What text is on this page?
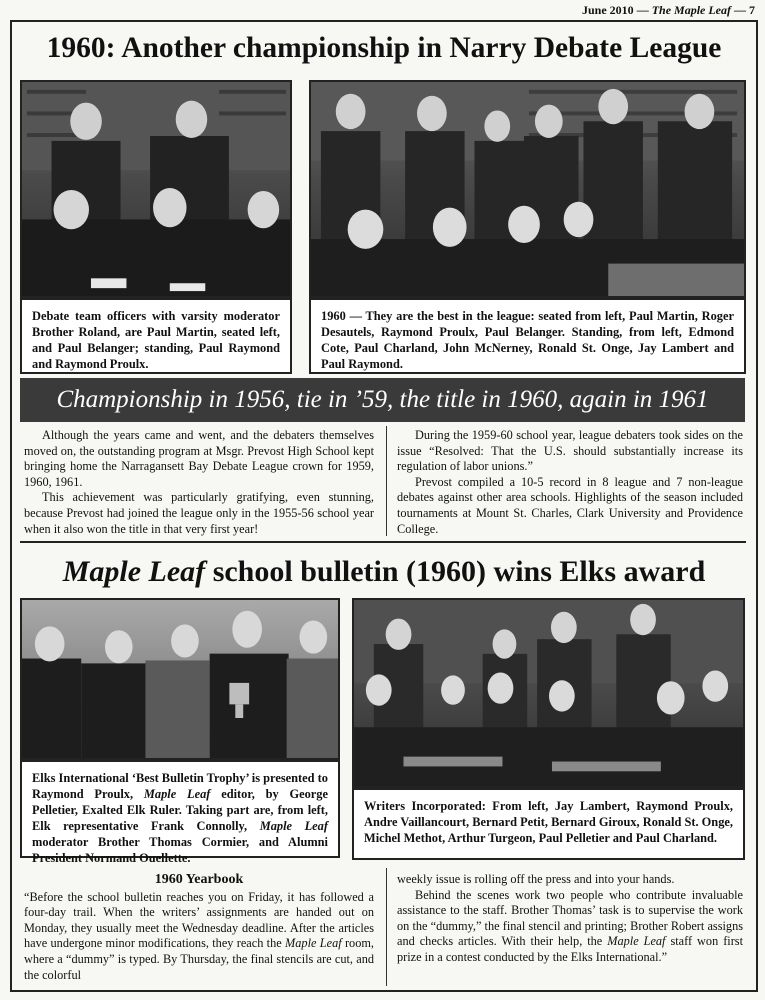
June 2010 — The Maple Leaf — 7
1960: Another championship in Narry Debate League
Debate team officers with varsity moderator Brother Roland, are Paul Martin, seated left, and Paul Belanger; standing, Paul Raymond and Raymond Proulx.
1960 — They are the best in the league: seated from left, Paul Martin, Roger Desautels, Raymond Proulx, Paul Belanger. Standing, from left, Edmond Cote, Paul Charland, John McNerney, Ronald St. Onge, Jay Lambert and Paul Raymond.
Championship in 1956, tie in ’59, the title in 1960, again in 1961

Although the years came and went, and the debaters themselves moved on, the outstanding program at Msgr. Prevost High School kept bringing home the Narragansett Bay Debate League crown for 1959, 1960, 1961.

This achievement was particularly gratifying, even stunning, because Prevost had joined the league only in the 1955-56 school year when it also won the title in that very first year!

During the 1959-60 school year, league debaters took sides on the issue “Resolved: That the U.S. should substantially increase its regulation of labor unions.”

Prevost compiled a 10-5 record in 8 league and 7 non-league debates against other area schools. Highlights of the season included tournaments at Mount St. Charles, Clark University and Providence College.

Maple Leaf school bulletin (1960) wins Elks award
Elks International ‘Best Bulletin Trophy’ is presented to Raymond Proulx, Maple Leaf editor, by George Pelletier, Exalted Elk Ruler. Taking part are, from left, Elk representative Frank Connolly, Maple Leaf moderator Brother Thomas Cormier, and Alumni President Normand Ouellette.
Writers Incorporated: From left, Jay Lambert, Raymond Proulx, Andre Vaillancourt, Bernard Petit, Bernard Giroux, Ronald St. Onge, Michel Methot, Arthur Turgeon, Paul Pelletier and Paul Charland.
1960 Yearbook
“Before the school bulletin reaches you on Friday, it has followed a four-day trail. When the writers’ assignments are handed out on Monday, they usually meet the Wednesday deadline. After the articles have undergone minor modifications, they reach the Maple Leaf room, where a “dummy” is typed. By Thursday, the final stencils are cut, and the colorful

weekly issue is rolling off the press and into your hands.

Behind the scenes work two people who contribute invaluable assistance to the staff. Brother Thomas’ task is to supervise the work on the “dummy,” the final stencil and printing; Brother Robert assigns and checks articles. With their help, the Maple Leaf staff won first prize in a contest conducted by the Elks International.”
